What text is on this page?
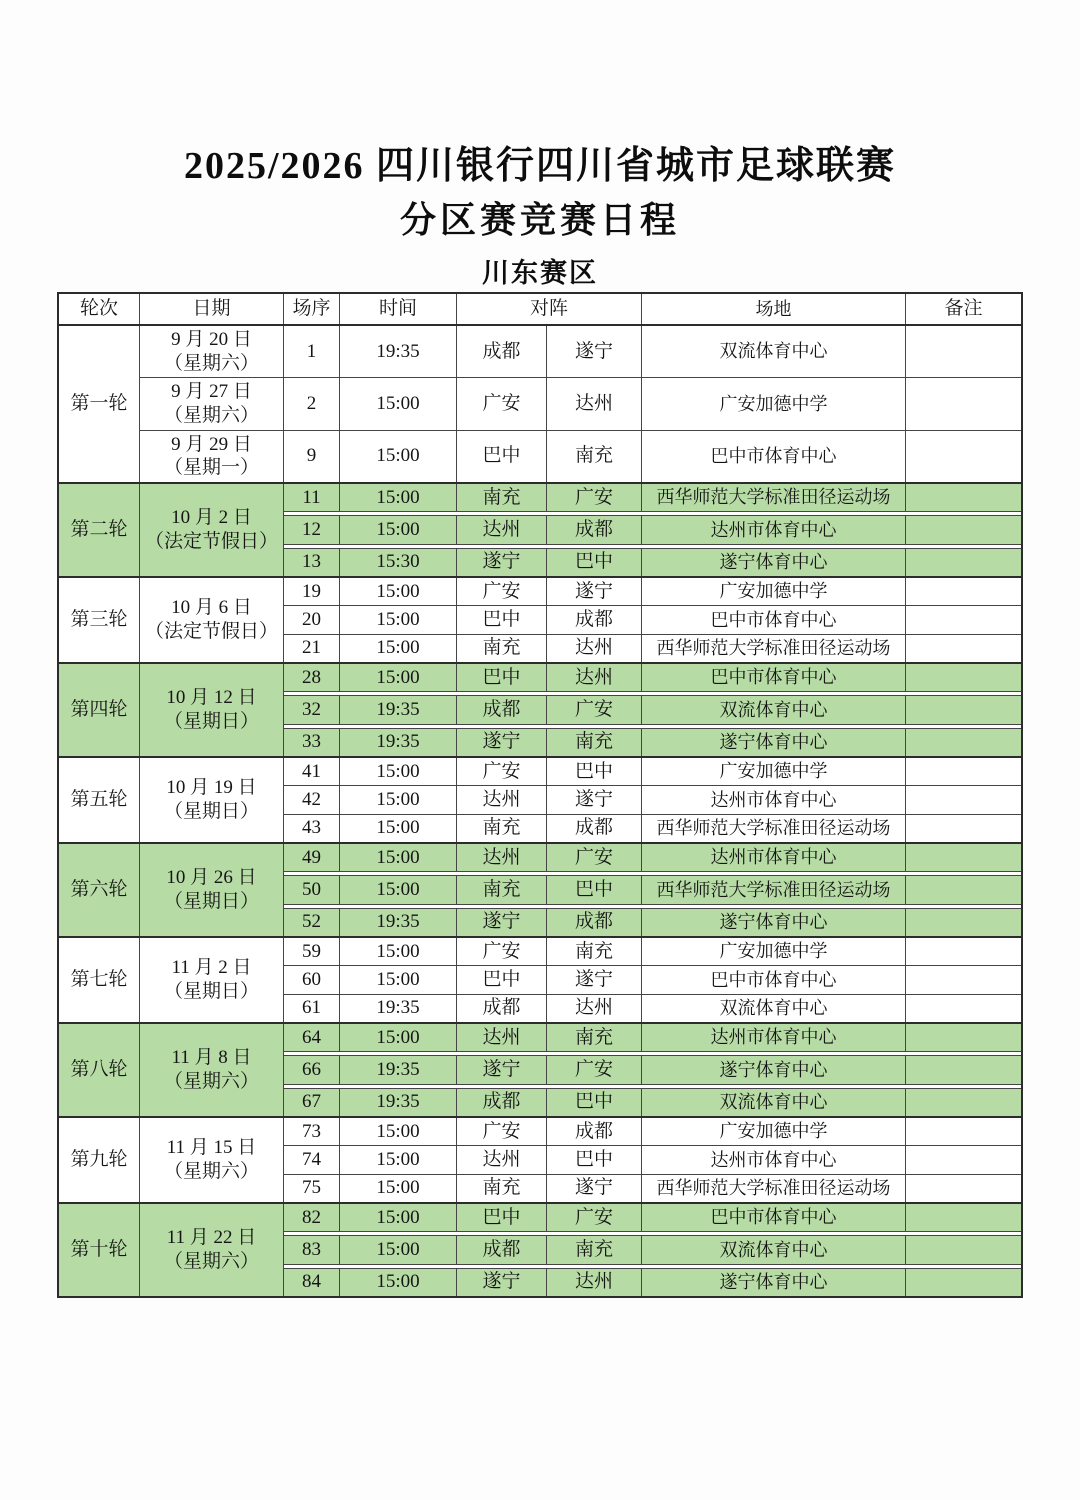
2025/2026 四川银行四川省城市足球联赛
分区赛竞赛日程
川东赛区
轮次	日期	场序	时间	对阵	场地	备注
第一轮
9 月 20 日
（星期六）
1	19:35	成都	遂宁	双流体育中心
9 月 27 日
（星期六）
2	15:00	广安	达州	广安加德中学
9 月 29 日
（星期一）
9	15:00	巴中	南充	巴中市体育中心
第二轮
10 月 2 日
（法定节假日）
11	15:00	南充	广安	西华师范大学标准田径运动场
12	15:00	达州	成都	达州市体育中心
13	15:30	遂宁	巴中	遂宁体育中心
第三轮
10 月 6 日
（法定节假日）
19	15:00	广安	遂宁	广安加德中学
20	15:00	巴中	成都	巴中市体育中心
21	15:00	南充	达州	西华师范大学标准田径运动场
第四轮
10 月 12 日
（星期日）
28	15:00	巴中	达州	巴中市体育中心
32	19:35	成都	广安	双流体育中心
33	19:35	遂宁	南充	遂宁体育中心
第五轮
10 月 19 日
（星期日）
41	15:00	广安	巴中	广安加德中学
42	15:00	达州	遂宁	达州市体育中心
43	15:00	南充	成都	西华师范大学标准田径运动场
第六轮
10 月 26 日
（星期日）
49	15:00	达州	广安	达州市体育中心
50	15:00	南充	巴中	西华师范大学标准田径运动场
52	19:35	遂宁	成都	遂宁体育中心
第七轮
11 月 2 日
（星期日）
59	15:00	广安	南充	广安加德中学
60	15:00	巴中	遂宁	巴中市体育中心
61	19:35	成都	达州	双流体育中心
第八轮
11 月 8 日
（星期六）
64	15:00	达州	南充	达州市体育中心
66	19:35	遂宁	广安	遂宁体育中心
67	19:35	成都	巴中	双流体育中心
第九轮
11 月 15 日
（星期六）
73	15:00	广安	成都	广安加德中学
74	15:00	达州	巴中	达州市体育中心
75	15:00	南充	遂宁	西华师范大学标准田径运动场
第十轮
11 月 22 日
（星期六）
82	15:00	巴中	广安	巴中市体育中心
83	15:00	成都	南充	双流体育中心
84	15:00	遂宁	达州	遂宁体育中心
